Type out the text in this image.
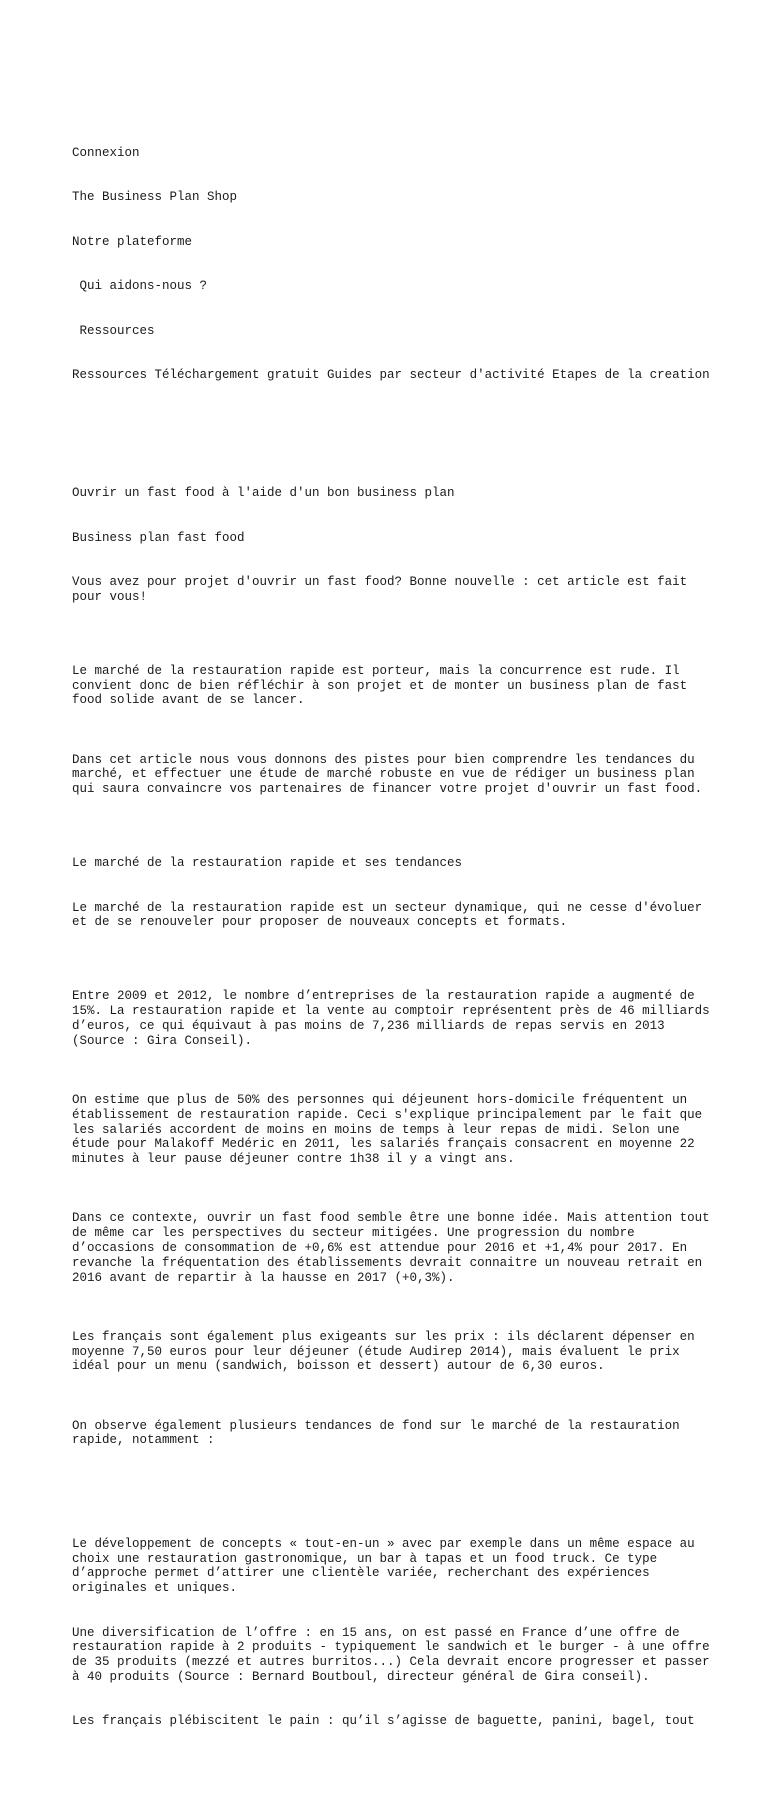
Connexion

The Business Plan Shop

Notre plateforme

Qui aidons-nous ?

Ressources

Ressources Téléchargement gratuit Guides par secteur d'activité Etapes de la creation

Ouvrir un fast food à l'aide d'un bon business plan

Business plan fast food

Vous avez pour projet d'ouvrir un fast food? Bonne nouvelle : cet article est fait pour vous!

Le marché de la restauration rapide est porteur, mais la concurrence est rude. Il convient donc de bien réfléchir à son projet et de monter un business plan de fast food solide avant de se lancer.

Dans cet article nous vous donnons des pistes pour bien comprendre les tendances du marché, et effectuer une étude de marché robuste en vue de rédiger un business plan qui saura convaincre vos partenaires de financer votre projet d'ouvrir un fast food.

Le marché de la restauration rapide et ses tendances

Le marché de la restauration rapide est un secteur dynamique, qui ne cesse d'évoluer et de se renouveler pour proposer de nouveaux concepts et formats.

Entre 2009 et 2012, le nombre d’entreprises de la restauration rapide a augmenté de 15%. La restauration rapide et la vente au comptoir représentent près de 46 milliards d’euros, ce qui équivaut à pas moins de 7,236 milliards de repas servis en 2013 (Source : Gira Conseil).

On estime que plus de 50% des personnes qui déjeunent hors-domicile fréquentent un établissement de restauration rapide. Ceci s'explique principalement par le fait que les salariés accordent de moins en moins de temps à leur repas de midi. Selon une étude pour Malakoff Medéric en 2011, les salariés français consacrent en moyenne 22 minutes à leur pause déjeuner contre 1h38 il y a vingt ans.

Dans ce contexte, ouvrir un fast food semble être une bonne idée. Mais attention tout de même car les perspectives du secteur mitigées. Une progression du nombre d’occasions de consommation de +0,6% est attendue pour 2016 et +1,4% pour 2017. En revanche la fréquentation des établissements devrait connaitre un nouveau retrait en 2016 avant de repartir à la hausse en 2017 (+0,3%).

Les français sont également plus exigeants sur les prix : ils déclarent dépenser en moyenne 7,50 euros pour leur déjeuner (étude Audirep 2014), mais évaluent le prix idéal pour un menu (sandwich, boisson et dessert) autour de 6,30 euros.

On observe également plusieurs tendances de fond sur le marché de la restauration rapide, notamment :

Le développement de concepts « tout-en-un » avec par exemple dans un même espace au choix une restauration gastronomique, un bar à tapas et un food truck. Ce type d’approche permet d’attirer une clientèle variée, recherchant des expériences originales et uniques.

Une diversification de l’offre : en 15 ans, on est passé en France d’une offre de restauration rapide à 2 produits - typiquement le sandwich et le burger - à une offre de 35 produits (mezzé et autres burritos...) Cela devrait encore progresser et passer à 40 produits (Source : Bernard Boutboul, directeur général de Gira conseil).

Les français plébiscitent le pain : qu’il s’agisse de baguette, panini, bagel, tout
